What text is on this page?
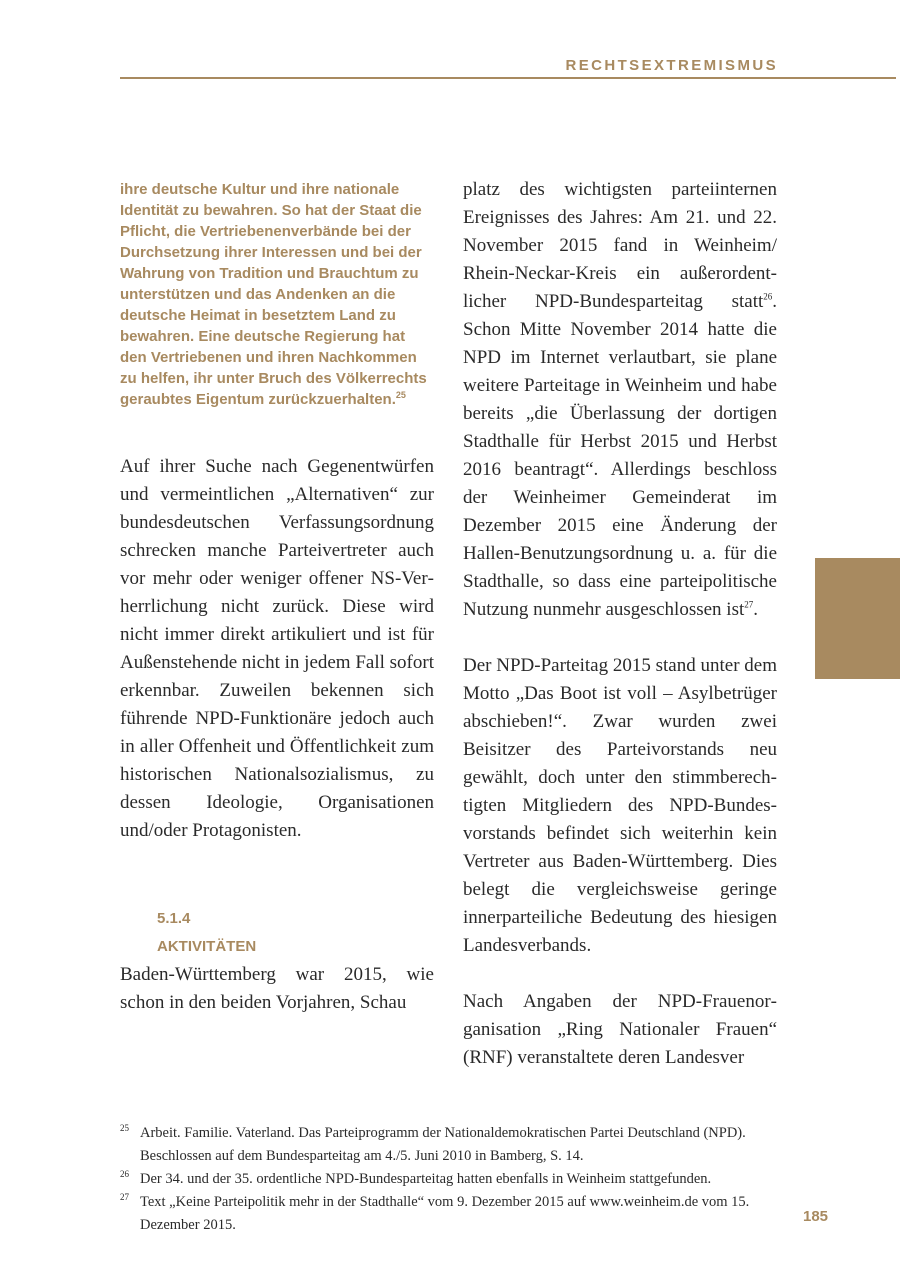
RECHTSEXTREMISMUS

ihre deutsche Kultur und ihre nationale Identität zu bewahren. So hat der Staat die Pflicht, die Vertriebenenverbände bei der Durchsetzung ihrer Interessen und bei der Wahrung von Tradition und Brauchtum zu unterstützen und das Andenken an die deutsche Heimat in besetztem Land zu bewahren. Eine deutsche Regierung hat den Vertriebenen und ihren Nachkommen zu helfen, ihr unter Bruch des Völkerrechts geraubtes Eigentum zurückzuerhalten.$^{25}$

Auf ihrer Suche nach Gegenentwürfen und vermeintlichen „Alternativen“ zur bundesdeutschen Verfassungsordnung schrecken manche Parteivertreter auch vor mehr oder weniger offener NS-Verherrlichung nicht zurück. Diese wird nicht immer direkt artikuliert und ist für Außenstehende nicht in jedem Fall sofort erkennbar. Zuweilen bekennen sich führende NPD-Funktionäre jedoch auch in aller Offenheit und Öffentlichkeit zum historischen Nationalsozialismus, zu dessen Ideologie, Organisationen und/oder Protagonisten.

5.1.4
AKTIVITÄTEN

Baden-Württemberg war 2015, wie schon in den beiden Vorjahren, Schau

platz des wichtigsten parteiinternen Ereignisses des Jahres: Am 21. und 22. November 2015 fand in Weinheim/ Rhein-Neckar-Kreis ein außerordentlicher NPD-Bundesparteitag statt$^{26}$. Schon Mitte November 2014 hatte die NPD im Internet verlautbart, sie plane weitere Parteitage in Weinheim und habe bereits „die Überlassung der dortigen Stadthalle für Herbst 2015 und Herbst 2016 beantragt“. Allerdings beschloss der Weinheimer Gemeinderat im Dezember 2015 eine Änderung der Hallen-Benutzungsordnung u. a. für die Stadthalle, so dass eine parteipolitische Nutzung nunmehr ausgeschlossen ist$^{27}$.

Der NPD-Parteitag 2015 stand unter dem Motto „Das Boot ist voll – Asylbetrüger abschieben!“. Zwar wurden zwei Beisitzer des Parteivorstands neu gewählt, doch unter den stimmberechtigten Mitgliedern des NPD-Bundesvorstands befindet sich weiterhin kein Vertreter aus Baden-Württemberg. Dies belegt die vergleichsweise geringe innerparteiliche Bedeutung des hiesigen Landesverbands.

Nach Angaben der NPD-Frauenorganisation „Ring Nationaler Frauen“ (RNF) veranstaltete deren Landesver

25 Arbeit. Familie. Vaterland. Das Parteiprogramm der Nationaldemokratischen Partei Deutschland (NPD). Beschlossen auf dem Bundesparteitag am 4./5. Juni 2010 in Bamberg, S. 14.

26 Der 34. und der 35. ordentliche NPD-Bundesparteitag hatten ebenfalls in Weinheim stattgefunden.

27 Text „Keine Parteipolitik mehr in der Stadthalle“ vom 9. Dezember 2015 auf www.weinheim.de vom 15. Dezember 2015.	185
